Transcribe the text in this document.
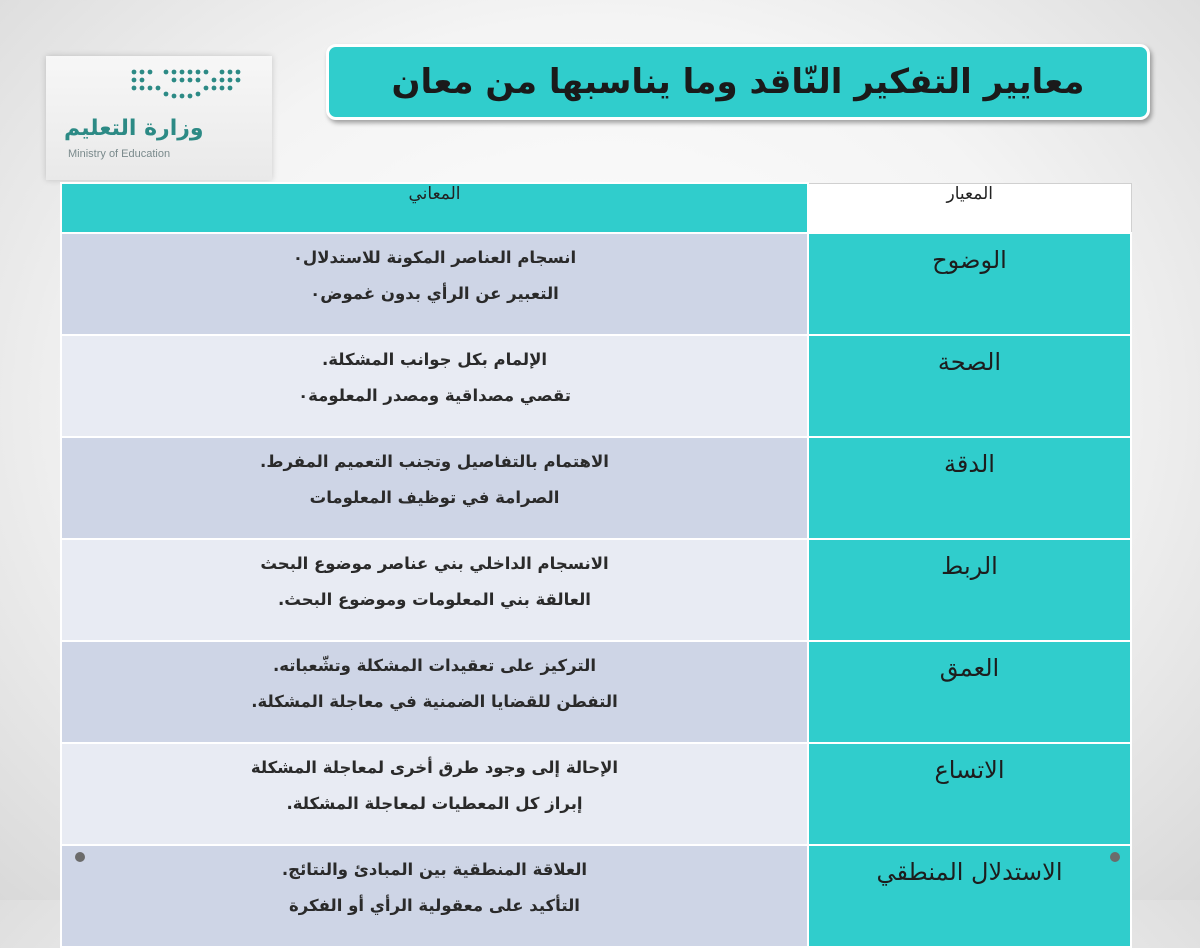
وزارة التعليم
Ministry of Education
معايير التفكير النّاقد وما يناسبها من معان
المعاني	المعيار

انسجام العناصر المكونة للاستدلال٠
التعبير عن الرأي بدون غموض٠	الوضوح

الإلمام بكل جوانب المشكلة.
تقصي مصداقية ومصدر المعلومة٠	الصحة

الاهتمام بالتفاصيل وتجنب التعميم المفرط.
الصرامة في توظيف المعلومات	الدقة

الانسجام الداخلي بني عناصر موضوع البحث
العالقة بني المعلومات وموضوع البحث.	الربط

التركيز على تعقيدات المشكلة وتشّعباته.
التفطن للقضايا الضمنية في معاجلة المشكلة.	العمق

الإحالة إلى وجود طرق أخرى لمعاجلة المشكلة
إبراز كل المعطيات لمعاجلة المشكلة.	الاتساع

العلاقة المنطقية بين المبادئ والنتائج.
التأكيد على معقولية الرأي أو الفكرة	الاستدلال المنطقي
